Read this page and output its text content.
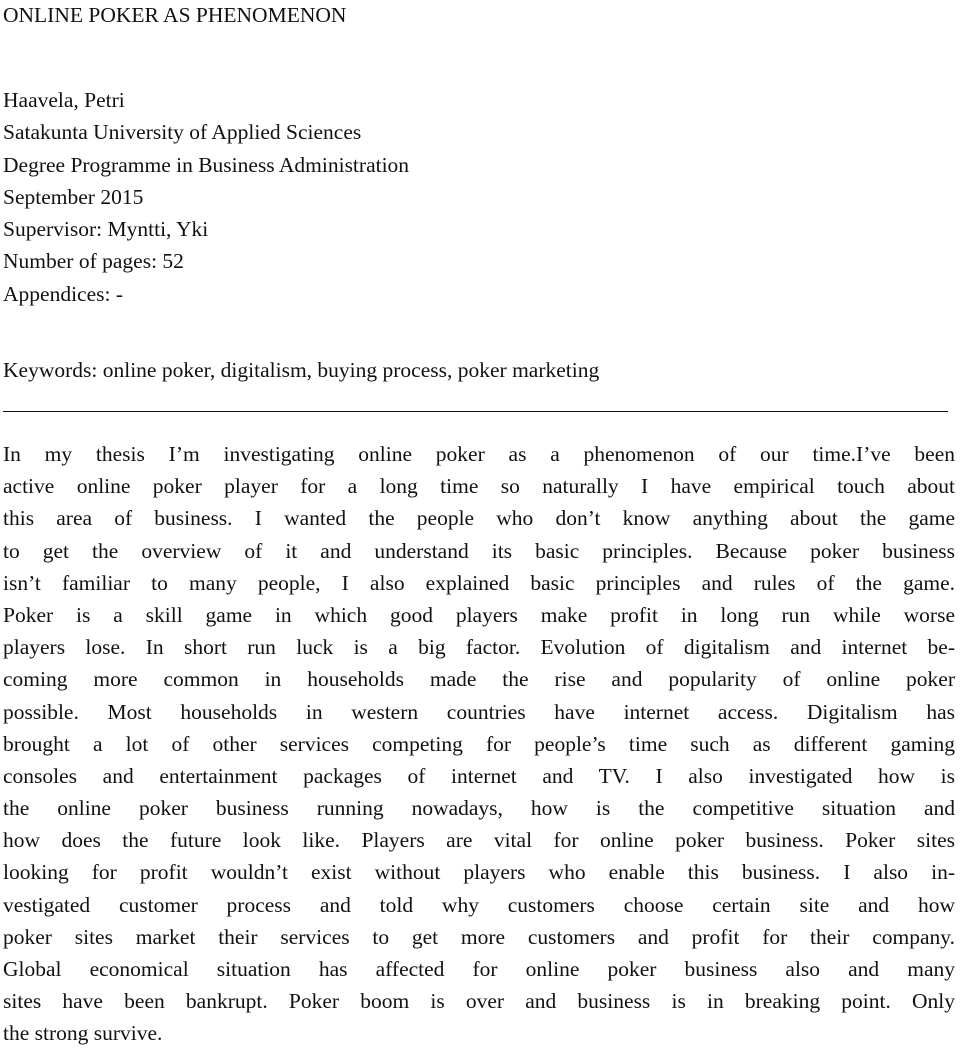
ONLINE POKER AS PHENOMENON
Haavela, Petri
Satakunta University of Applied Sciences
Degree Programme in Business Administration
September 2015
Supervisor: Myntti, Yki
Number of pages: 52
Appendices: -
Keywords: online poker, digitalism, buying process, poker marketing
In my thesis I’m investigating online poker as a phenomenon of our time.I’ve been
active online poker player for a long time so naturally I have empirical touch about
this area of business. I wanted the people who don’t know anything about the game
to get the overview of it and understand its basic principles. Because poker business
isn’t familiar to many people, I also explained basic principles and rules of the game.
Poker is a skill game in which good players make profit in long run while worse
players lose. In short run luck is a big factor. Evolution of digitalism and internet be-
coming more common in households made the rise and popularity of online poker
possible. Most households in western countries have internet access. Digitalism has
brought a lot of other services competing for people’s time such as different gaming
consoles and entertainment packages of internet and TV. I also investigated how is
the online poker business running nowadays, how is the competitive situation and
how does the future look like. Players are vital for online poker business. Poker sites
looking for profit wouldn’t exist without players who enable this business. I also in-
vestigated customer process and told why customers choose certain site and how
poker sites market their services to get more customers and profit for their company.
Global economical situation has affected for online poker business also and many
sites have been bankrupt. Poker boom is over and business is in breaking point. Only
the strong survive.
